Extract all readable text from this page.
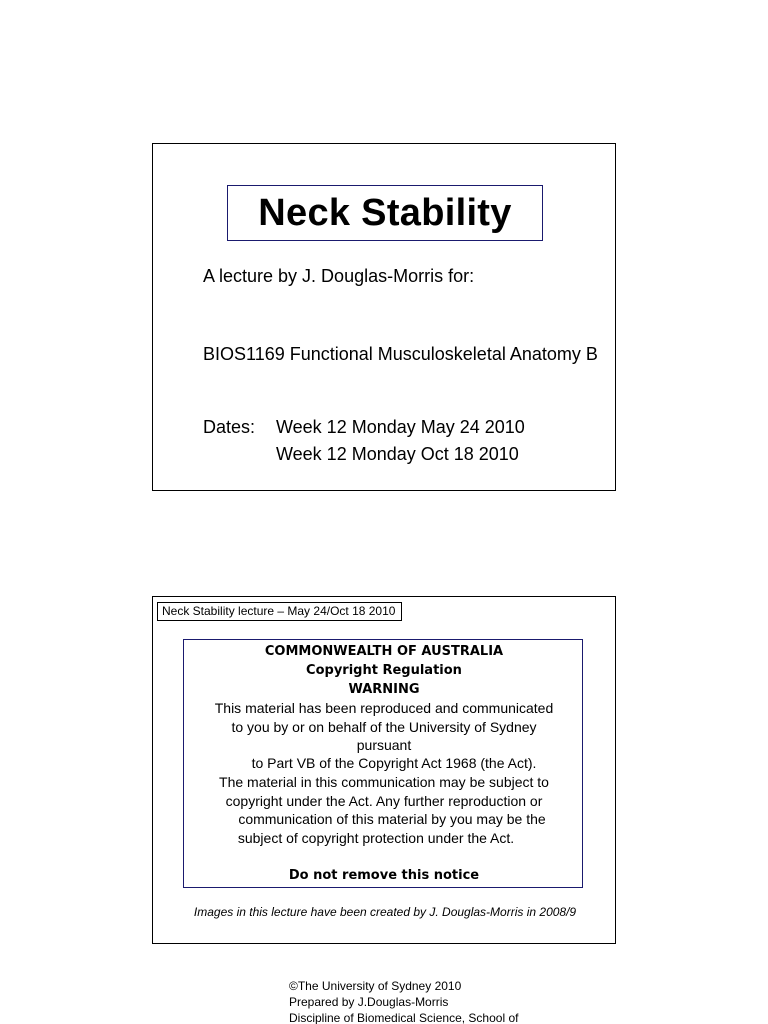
Neck Stability
A lecture by J. Douglas-Morris for:
BIOS1169 Functional Musculoskeletal Anatomy B
Dates: Week 12 Monday May 24 2010
Week 12 Monday Oct 18 2010
Neck Stability lecture – May 24/Oct 18 2010
COMMONWEALTH OF AUSTRALIA
Copyright Regulation
WARNING
This material has been reproduced and communicated
to you by or on behalf of the University of Sydney
pursuant
to Part VB of the Copyright Act 1968 (the Act).
The material in this communication may be subject to
copyright under the Act. Any further reproduction or
communication of this material by you may be the
subject of copyright protection under the Act.
Do not remove this notice
Images in this lecture have been created by J. Douglas-Morris in 2008/9
©The University of Sydney 2010
Prepared by J.Douglas-Morris
Discipline of Biomedical Science, School of
